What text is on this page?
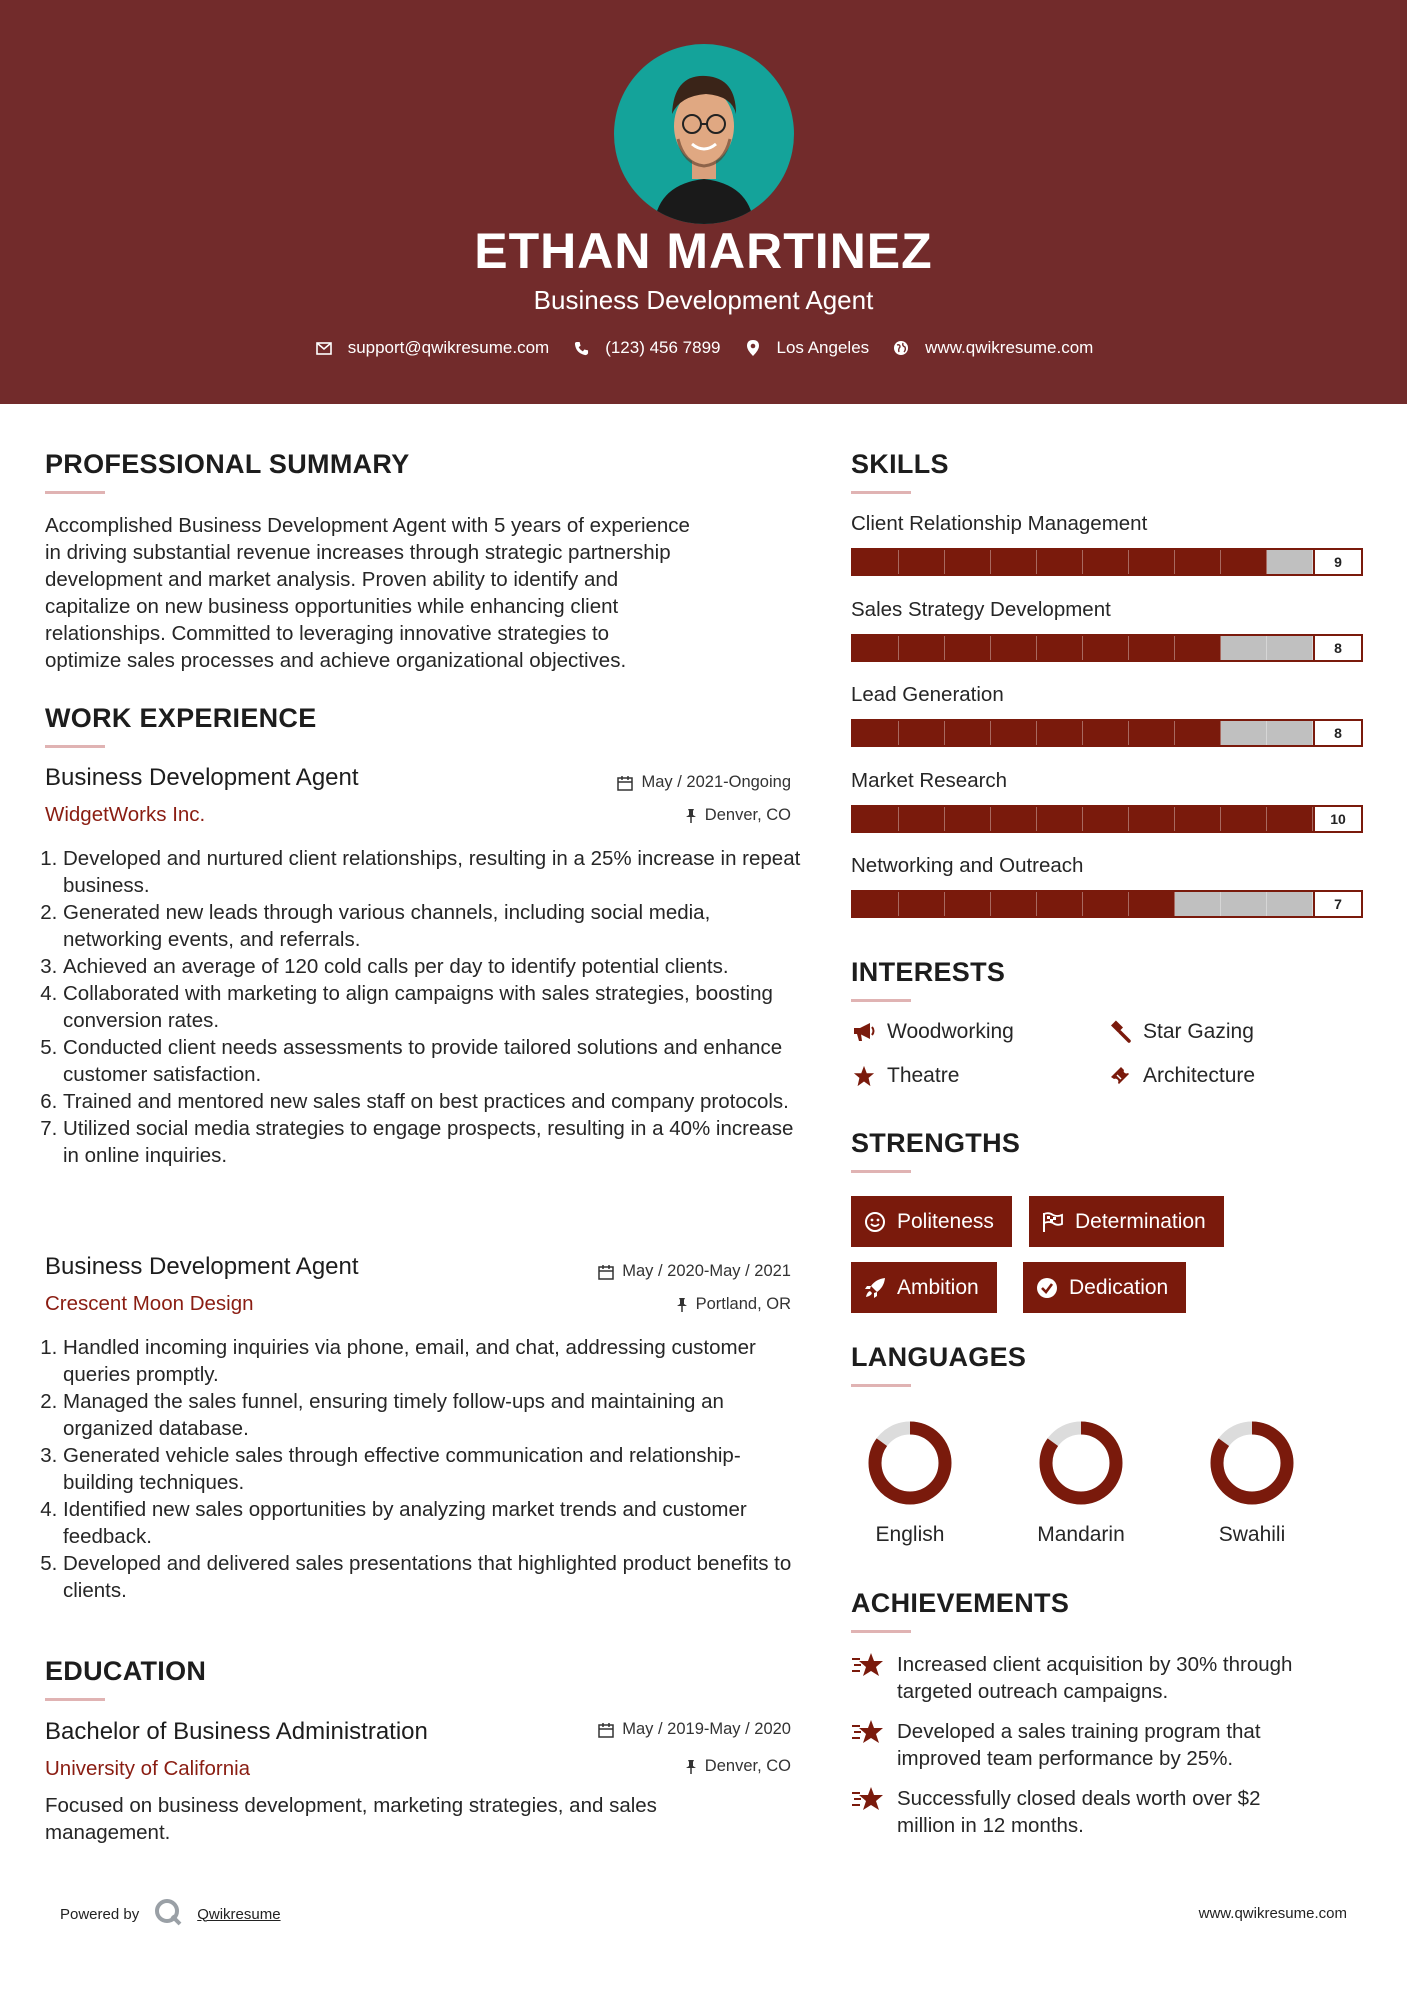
ETHAN MARTINEZ
Business Development Agent
support@qwikresume.com	(123) 456 7899	Los Angeles	www.qwikresume.com
PROFESSIONAL SUMMARY
Accomplished Business Development Agent with 5 years of experience
in driving substantial revenue increases through strategic partnership
development and market analysis. Proven ability to identify and
capitalize on new business opportunities while enhancing client
relationships. Committed to leveraging innovative strategies to
optimize sales processes and achieve organizational objectives.
WORK EXPERIENCE
Business Development Agent	May / 2021-Ongoing
WidgetWorks Inc.	Denver, CO
1. Developed and nurtured client relationships, resulting in a 25% increase in repeat business.
2. Generated new leads through various channels, including social media, networking events, and referrals.
3. Achieved an average of 120 cold calls per day to identify potential clients.
4. Collaborated with marketing to align campaigns with sales strategies, boosting conversion rates.
5. Conducted client needs assessments to provide tailored solutions and enhance customer satisfaction.
6. Trained and mentored new sales staff on best practices and company protocols.
7. Utilized social media strategies to engage prospects, resulting in a 40% increase in online inquiries.
Business Development Agent	May / 2020-May / 2021
Crescent Moon Design	Portland, OR
1. Handled incoming inquiries via phone, email, and chat, addressing customer queries promptly.
2. Managed the sales funnel, ensuring timely follow-ups and maintaining an organized database.
3. Generated vehicle sales through effective communication and relationship-building techniques.
4. Identified new sales opportunities by analyzing market trends and customer feedback.
5. Developed and delivered sales presentations that highlighted product benefits to clients.
EDUCATION
Bachelor of Business Administration	May / 2019-May / 2020
University of California	Denver, CO
Focused on business development, marketing strategies, and sales
management.
SKILLS
Client Relationship Management
9
Sales Strategy Development
8
Lead Generation
8
Market Research
10
Networking and Outreach
7
INTERESTS
Woodworking	Star Gazing
Theatre	Architecture
STRENGTHS
Politeness	Determination
Ambition	Dedication
LANGUAGES
English	Mandarin	Swahili
ACHIEVEMENTS
Increased client acquisition by 30% through
targeted outreach campaigns.
Developed a sales training program that
improved team performance by 25%.
Successfully closed deals worth over $2
million in 12 months.
Powered by	Qwikresume	www.qwikresume.com
